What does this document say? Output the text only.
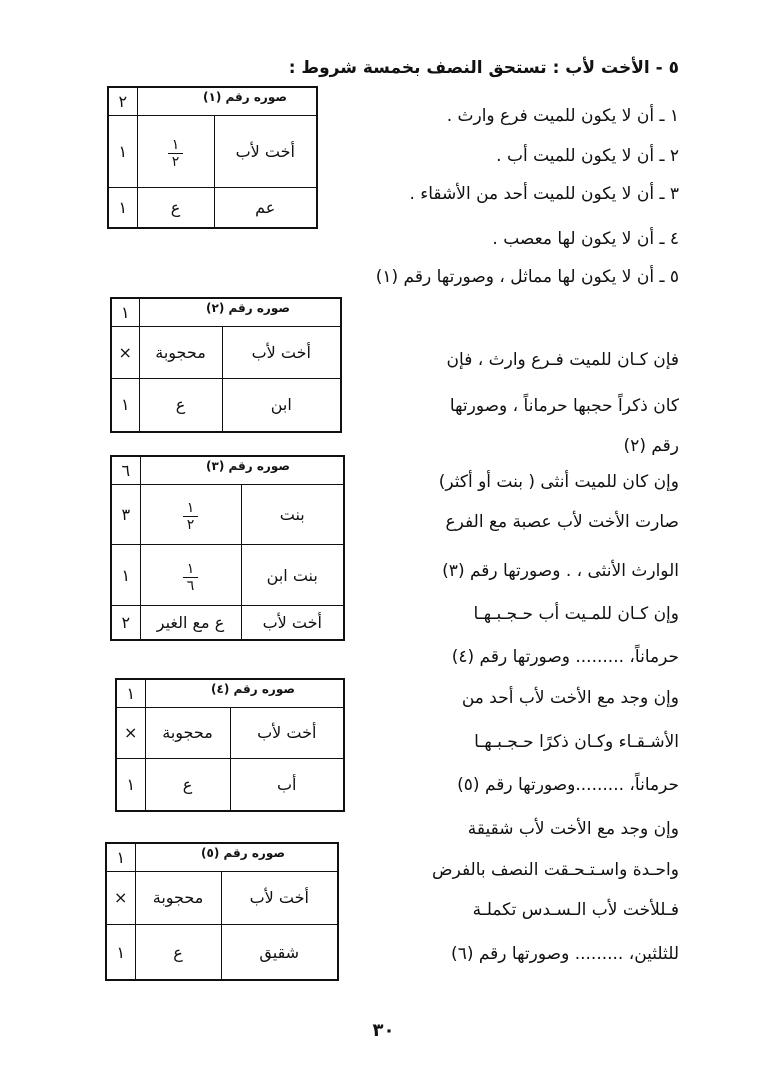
٥ - الأخت لأب : تستحق النصف بخمسة شروط :
١ ـ أن لا يكون للميت فرع وارث .
٢ ـ أن لا يكون للميت أب .
٣ ـ أن لا يكون للميت أحد من الأشقاء .
٤ ـ أن لا يكون لها معصب .
٥ ـ أن لا يكون لها مماثل ، وصورتها رقم (١)
فإن كـان للميت فـرع وارث ، فإن
كان ذكراً حجبها حرماناً ، وصورتها
رقم (٢)
وإن كان للميت أنثى ( بنت أو أكثر)
صارت الأخت لأب عصبة مع الفرع
الوارث الأنثى ، . وصورتها رقم (٣)
وإن كـان للمـيت أب حـجـبـهـا
حرماناً، ......... وصورتها رقم (٤)
وإن وجد مع الأخت لأب أحد من
الأشـقـاء وكـان ذكرًا حـجـبـهـا
حرماناً، .........وصورتها رقم (٥)
وإن وجد مع الأخت لأب شقيقة
واحـدة واسـتـحـقت النصف بالفرض
فـللأخت لأب الـسـدس تكملـة
للثلثين، ......... وصورتها رقم (٦)
صوره رقم (١)
٢		
١	$\frac{١}{٢}$	أخت لأب
١	ع	عم
صوره رقم (٢)
١		
×	محجوبة	أخت لأب
١	ع	ابن
صوره رقم (٣)
٦		
٣	$\frac{١}{٢}$	بنت
١	$\frac{١}{٦}$	بنت ابن
٢	ع مع الغير	أخت لأب
صوره رقم (٤)
١		
×	محجوبة	أخت لأب
١	ع	أب
صوره رقم (٥)
١		
×	محجوبة	أخت لأب
١	ع	شقيق
٣٠
